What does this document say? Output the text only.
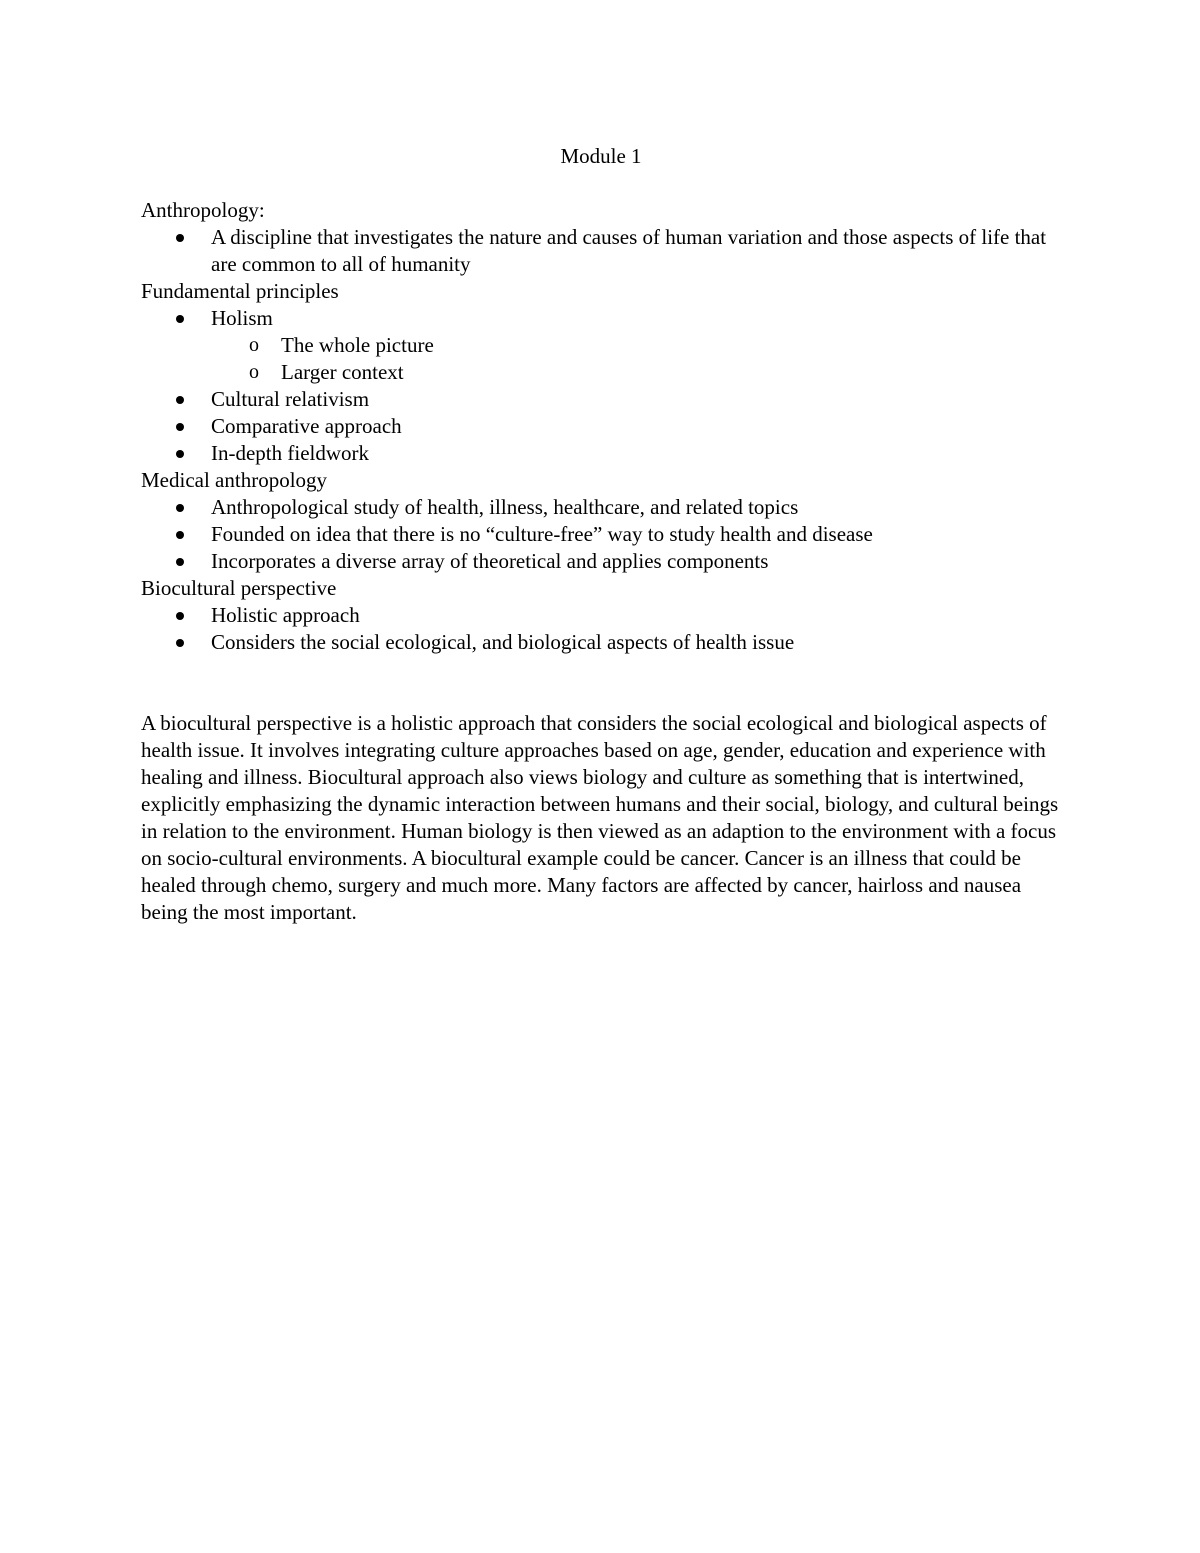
Module 1
Anthropology:
A discipline that investigates the nature and causes of human variation and those aspects of life that are common to all of humanity
Fundamental principles
Holism
o The whole picture
o Larger context
Cultural relativism
Comparative approach
In-depth fieldwork
Medical anthropology
Anthropological study of health, illness, healthcare, and related topics
Founded on idea that there is no “culture-free” way to study health and disease
Incorporates a diverse array of theoretical and applies components
Biocultural perspective
Holistic approach
Considers the social ecological, and biological aspects of health issue

A biocultural perspective is a holistic approach that considers the social ecological and biological aspects of health issue. It involves integrating culture approaches based on age, gender, education and experience with healing and illness. Biocultural approach also views biology and culture as something that is intertwined, explicitly emphasizing the dynamic interaction between humans and their social, biology, and cultural beings in relation to the environment. Human biology is then viewed as an adaption to the environment with a focus on socio-cultural environments. A biocultural example could be cancer. Cancer is an illness that could be healed through chemo, surgery and much more. Many factors are affected by cancer, hairloss and nausea being the most important.
